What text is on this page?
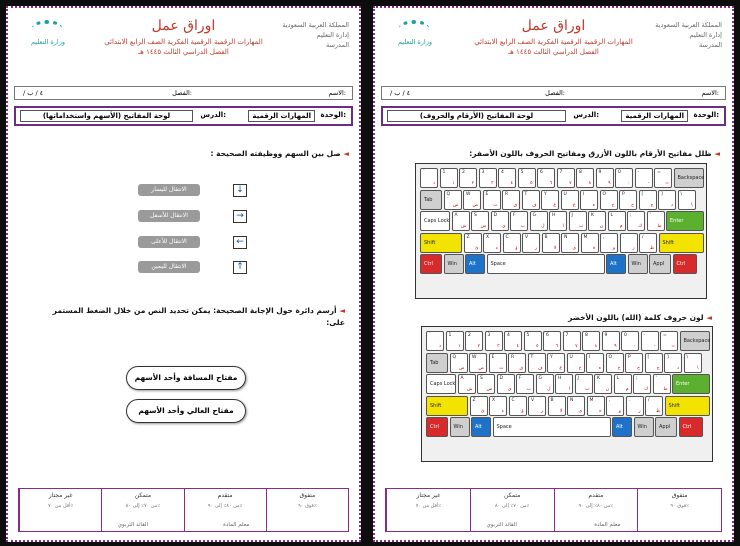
وزارة التعليم
اوراق عمل
المهارات الرقمية الرقمية الفكرية الصف الرابع الابتدائي
الفصل الدراسي الثالث ١٤٤٥ هـ
المملكة العربية السعودية
إدارة التعليم
المدرسة
الاسم:
الفصل:
/ ٤ / ب
الوحدة:
المهارات الرقمية
الدرس:
لوحة المفاتيح (الأسهم واستخداماتها)
◄ صل بين السهم ووظيفته الصحيحة :
الانتقال لليسار
الانتقال للأسفل
الانتقال للأعلى
الانتقال لليمين
↓
→
←
↑
◄ أرسم دائرة حول الإجابة الصحيحة: يمكن تحديد النص من خلال الضغط المستمر على:
مفتاح المسافة وأحد الأسهم
مفتاح العالي وأحد الأسهم
متفوق
فوق ٩٠٪
متقدم
من ٨٠٪ إلى ٩٠٪
متمكن
من ٧٠٪ إلى ٨٠٪
غير مجتاز
أقل من ٧٠٪
معلم المادة
القائد التربوي
وزارة التعليم
اوراق عمل
المهارات الرقمية الرقمية الفكرية الصف الرابع الابتدائي
الفصل الدراسي الثالث ١٤٤٥ هـ
المملكة العربية السعودية
إدارة التعليم
المدرسة
الاسم:
الفصل:
/ ٤ / ب
الوحدة:
المهارات الرقمية
الدرس:
لوحة المفاتيح (الأرقام والحروف)
◄ ظلل مفاتيح الأرقام باللون الأزرق ومفاتيح الحروف باللون الأصفر:
`
ذ
1
١
2
٢
3
٣
4
٤
5
٥
6
٦
7
٧
8
٨
9
٩
0
٠
-
-
=
=
Backspace
Tab
Q
ض
W
ص
E
ث
R
ق
T
ف
Y
غ
U
ع
I
ه
O
خ
P
ح
[
ج
]
د
\
\
Caps Lock
A
ش
S
س
D
ي
F
ب
G
ل
H
ا
J
ت
K
ن
L
م
;
ك
'
ط
Enter
Shift
Z
ئ
X
ء
C
ؤ
V
ر
B
لا
N
ى
M
ة
,
و
.
ز
/
ظ
Shift
Ctrl	Win Alt	Space	Alt	Win Appl Ctrl
◄ لون حروف كلمة (الله) باللون الأخضر
`
ذ
1
١
2
٢
3
٣
4
٤
5
٥
6
٦
7
٧
8
٨
9
٩
0
٠
-
-
=
=
Backspace
Tab
Q
ض
W
ص
E
ث
R
ق
T
ف
Y
غ
U
ع
I
ه
O
خ
P
ح
[
ج
]
د
\
\
Caps Lock
A
ش
S
س
D
ي
F
ب
G
ل
H
ا
J
ت
K
ن
L
م
;
ك
'
ط
Enter
Shift
Z
ئ
X
ء
C
ؤ
V
ر
B
لا
N
ى
M
ة
,
و
.
ز
/
ظ
Shift
Ctrl	Win Alt	Space	Alt	Win Appl Ctrl
متفوق
فوق ٩٠٪
متقدم
من ٨٠٪ إلى ٩٠٪
متمكن
من ٧٠٪ إلى ٨٠٪
غير مجتاز
أقل من ٧٠٪
معلم المادة
القائد التربوي
